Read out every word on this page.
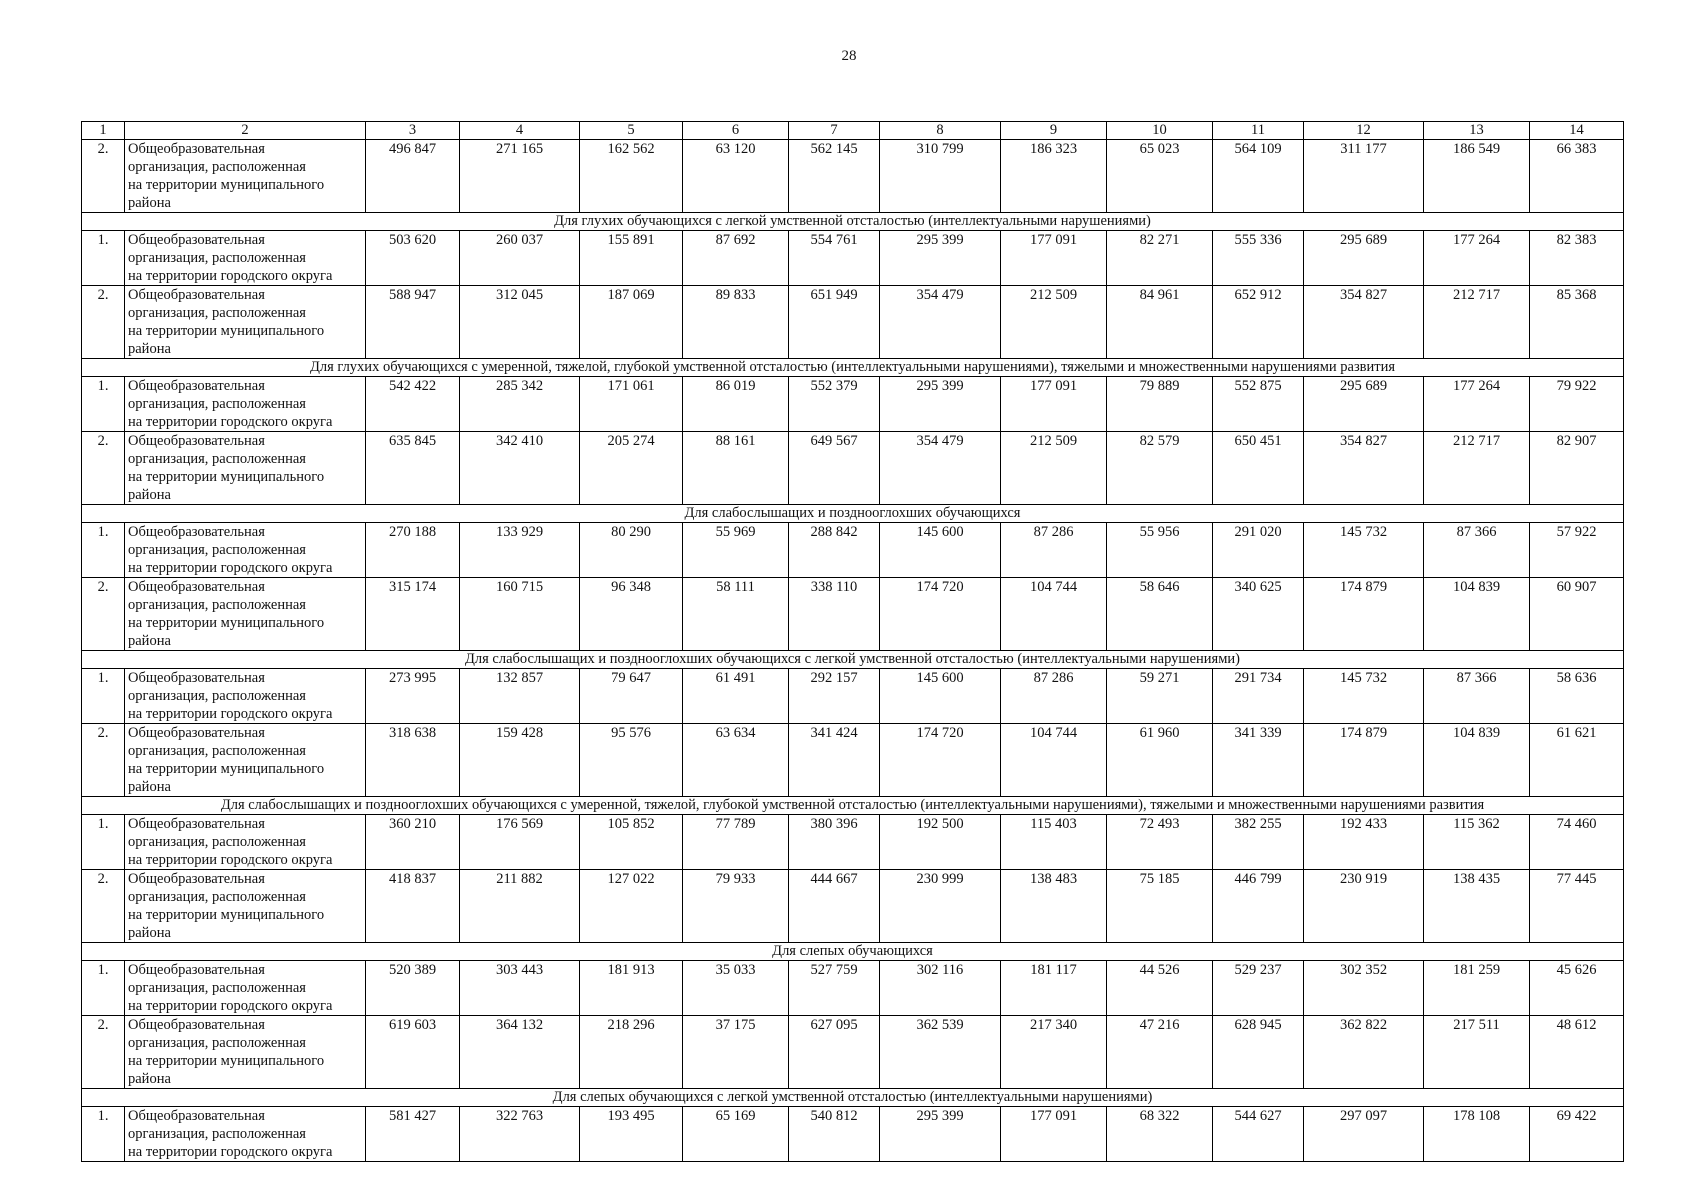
28
1	2	3	4	5	6	7	8	9	10	11	12	13	14
2.	Общеобразовательная
организация, расположенная
на территории муниципального
района	496 847	271 165	162 562	63 120	562 145	310 799	186 323	65 023	564 109	311 177	186 549	66 383
Для глухих обучающихся с легкой умственной отсталостью (интеллектуальными нарушениями)													
1.	Общеобразовательная
организация, расположенная
на территории городского округа	503 620	260 037	155 891	87 692	554 761	295 399	177 091	82 271	555 336	295 689	177 264	82 383
2.	Общеобразовательная
организация, расположенная
на территории муниципального
района	588 947	312 045	187 069	89 833	651 949	354 479	212 509	84 961	652 912	354 827	212 717	85 368
Для глухих обучающихся с умеренной, тяжелой, глубокой умственной отсталостью (интеллектуальными нарушениями), тяжелыми и множественными нарушениями развития													
1.	Общеобразовательная
организация, расположенная
на территории городского округа	542 422	285 342	171 061	86 019	552 379	295 399	177 091	79 889	552 875	295 689	177 264	79 922
2.	Общеобразовательная
организация, расположенная
на территории муниципального
района	635 845	342 410	205 274	88 161	649 567	354 479	212 509	82 579	650 451	354 827	212 717	82 907
Для слабослышащих и позднооглохших обучающихся													
1.	Общеобразовательная
организация, расположенная
на территории городского округа	270 188	133 929	80 290	55 969	288 842	145 600	87 286	55 956	291 020	145 732	87 366	57 922
2.	Общеобразовательная
организация, расположенная
на территории муниципального
района	315 174	160 715	96 348	58 111	338 110	174 720	104 744	58 646	340 625	174 879	104 839	60 907
Для слабослышащих и позднооглохших обучающихся с легкой умственной отсталостью (интеллектуальными нарушениями)													
1.	Общеобразовательная
организация, расположенная
на территории городского округа	273 995	132 857	79 647	61 491	292 157	145 600	87 286	59 271	291 734	145 732	87 366	58 636
2.	Общеобразовательная
организация, расположенная
на территории муниципального
района	318 638	159 428	95 576	63 634	341 424	174 720	104 744	61 960	341 339	174 879	104 839	61 621
Для слабослышащих и позднооглохших обучающихся с умеренной, тяжелой, глубокой умственной отсталостью (интеллектуальными нарушениями), тяжелыми и множественными нарушениями развития													
1.	Общеобразовательная
организация, расположенная
на территории городского округа	360 210	176 569	105 852	77 789	380 396	192 500	115 403	72 493	382 255	192 433	115 362	74 460
2.	Общеобразовательная
организация, расположенная
на территории муниципального
района	418 837	211 882	127 022	79 933	444 667	230 999	138 483	75 185	446 799	230 919	138 435	77 445
Для слепых обучающихся													
1.	Общеобразовательная
организация, расположенная
на территории городского округа	520 389	303 443	181 913	35 033	527 759	302 116	181 117	44 526	529 237	302 352	181 259	45 626
2.	Общеобразовательная
организация, расположенная
на территории муниципального
района	619 603	364 132	218 296	37 175	627 095	362 539	217 340	47 216	628 945	362 822	217 511	48 612
Для слепых обучающихся с легкой умственной отсталостью (интеллектуальными нарушениями)													
1.	Общеобразовательная
организация, расположенная
на территории городского округа	581 427	322 763	193 495	65 169	540 812	295 399	177 091	68 322	544 627	297 097	178 108	69 422
